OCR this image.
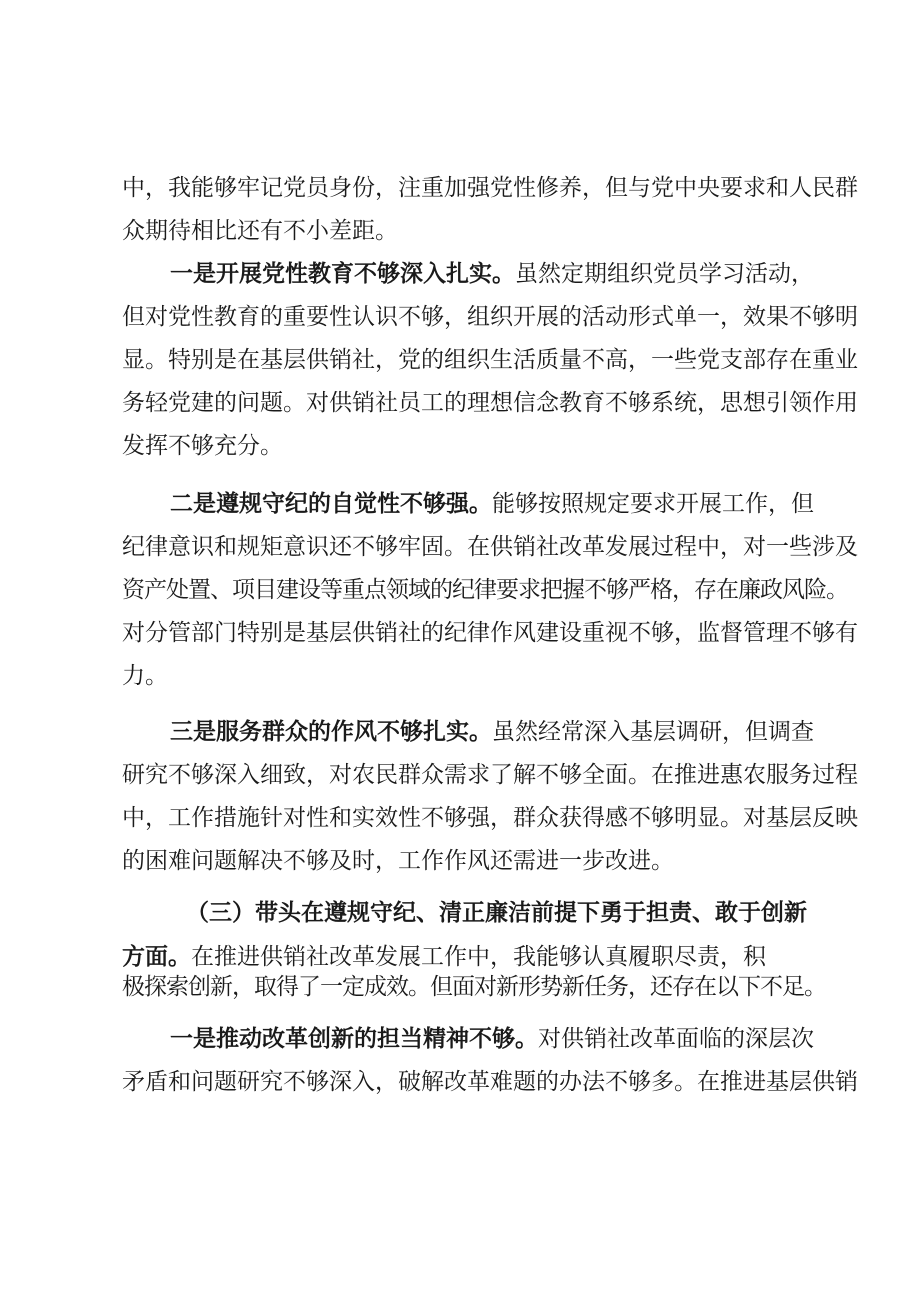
中，我能够牢记党员身份，注重加强党性修养，但与党中央要求和人民群
众期待相比还有不小差距。
一是开展党性教育不够深入扎实。虽然定期组织党员学习活动，
但对党性教育的重要性认识不够，组织开展的活动形式单一，效果不够明
显。特别是在基层供销社，党的组织生活质量不高，一些党支部存在重业
务轻党建的问题。对供销社员工的理想信念教育不够系统，思想引领作用
发挥不够充分。
二是遵规守纪的自觉性不够强。能够按照规定要求开展工作，但
纪律意识和规矩意识还不够牢固。在供销社改革发展过程中，对一些涉及
资产处置、项目建设等重点领域的纪律要求把握不够严格，存在廉政风险。
对分管部门特别是基层供销社的纪律作风建设重视不够，监督管理不够有
力。
三是服务群众的作风不够扎实。虽然经常深入基层调研，但调查
研究不够深入细致，对农民群众需求了解不够全面。在推进惠农服务过程
中，工作措施针对性和实效性不够强，群众获得感不够明显。对基层反映
的困难问题解决不够及时，工作作风还需进一步改进。
（三）带头在遵规守纪、清正廉洁前提下勇于担责、敢于创新
方面。在推进供销社改革发展工作中，我能够认真履职尽责，积
极探索创新，取得了一定成效。但面对新形势新任务，还存在以下不足。
一是推动改革创新的担当精神不够。对供销社改革面临的深层次
矛盾和问题研究不够深入，破解改革难题的办法不够多。在推进基层供销
